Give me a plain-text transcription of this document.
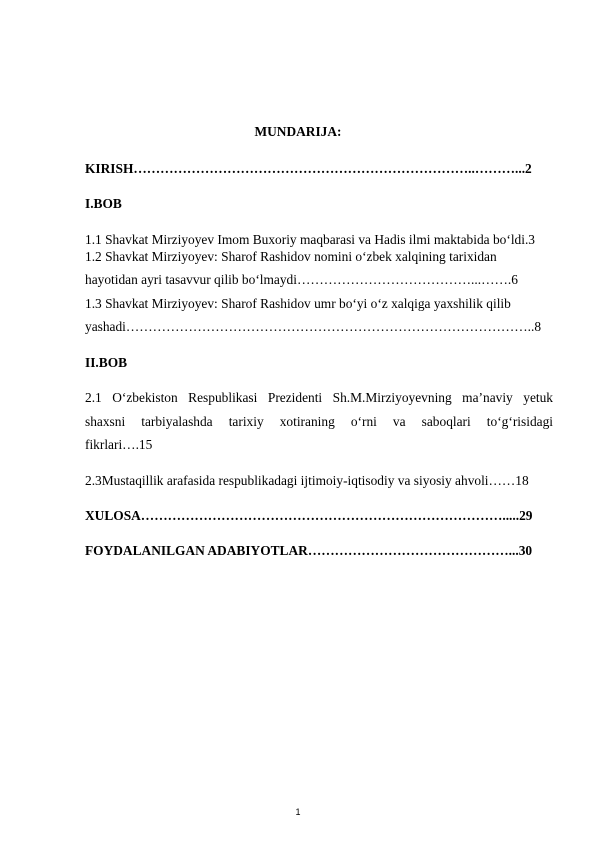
MUNDARIJA:
KIRISH…………………………………………………………………..………...2
I.BOB
1.1 Shavkat Mirziyoyev Imom Buxoriy maqbarasi va Hadis ilmi maktabida bo‘ldi.3
1.2 Shavkat Mirziyoyev: Sharof Rashidov nomini o‘zbek xalqining tarixidan
hayotidan ayri tasavvur qilib bo‘lmaydi…………………………………...…….6
1.3 Shavkat Mirziyoyev: Sharof Rashidov umr bo‘yi o‘z xalqiga yaxshilik qilib
yashadi………………………………………………………………………………..8
II.BOB
2.1 O‘zbekiston Respublikasi Prezidenti Sh.M.Mirziyoyevning ma’naviy yetuk
shaxsni tarbiyalashda tarixiy xotiraning o‘rni va saboqlari to‘g‘risidagi
fikrlari….15
2.3Mustaqillik arafasida respublikadagi ijtimoiy-iqtisodiy va siyosiy ahvoli……18
XULOSA……………………………………………………………………….....29
FOYDALANILGAN ADABIYOTLAR………………………………………...30
1
